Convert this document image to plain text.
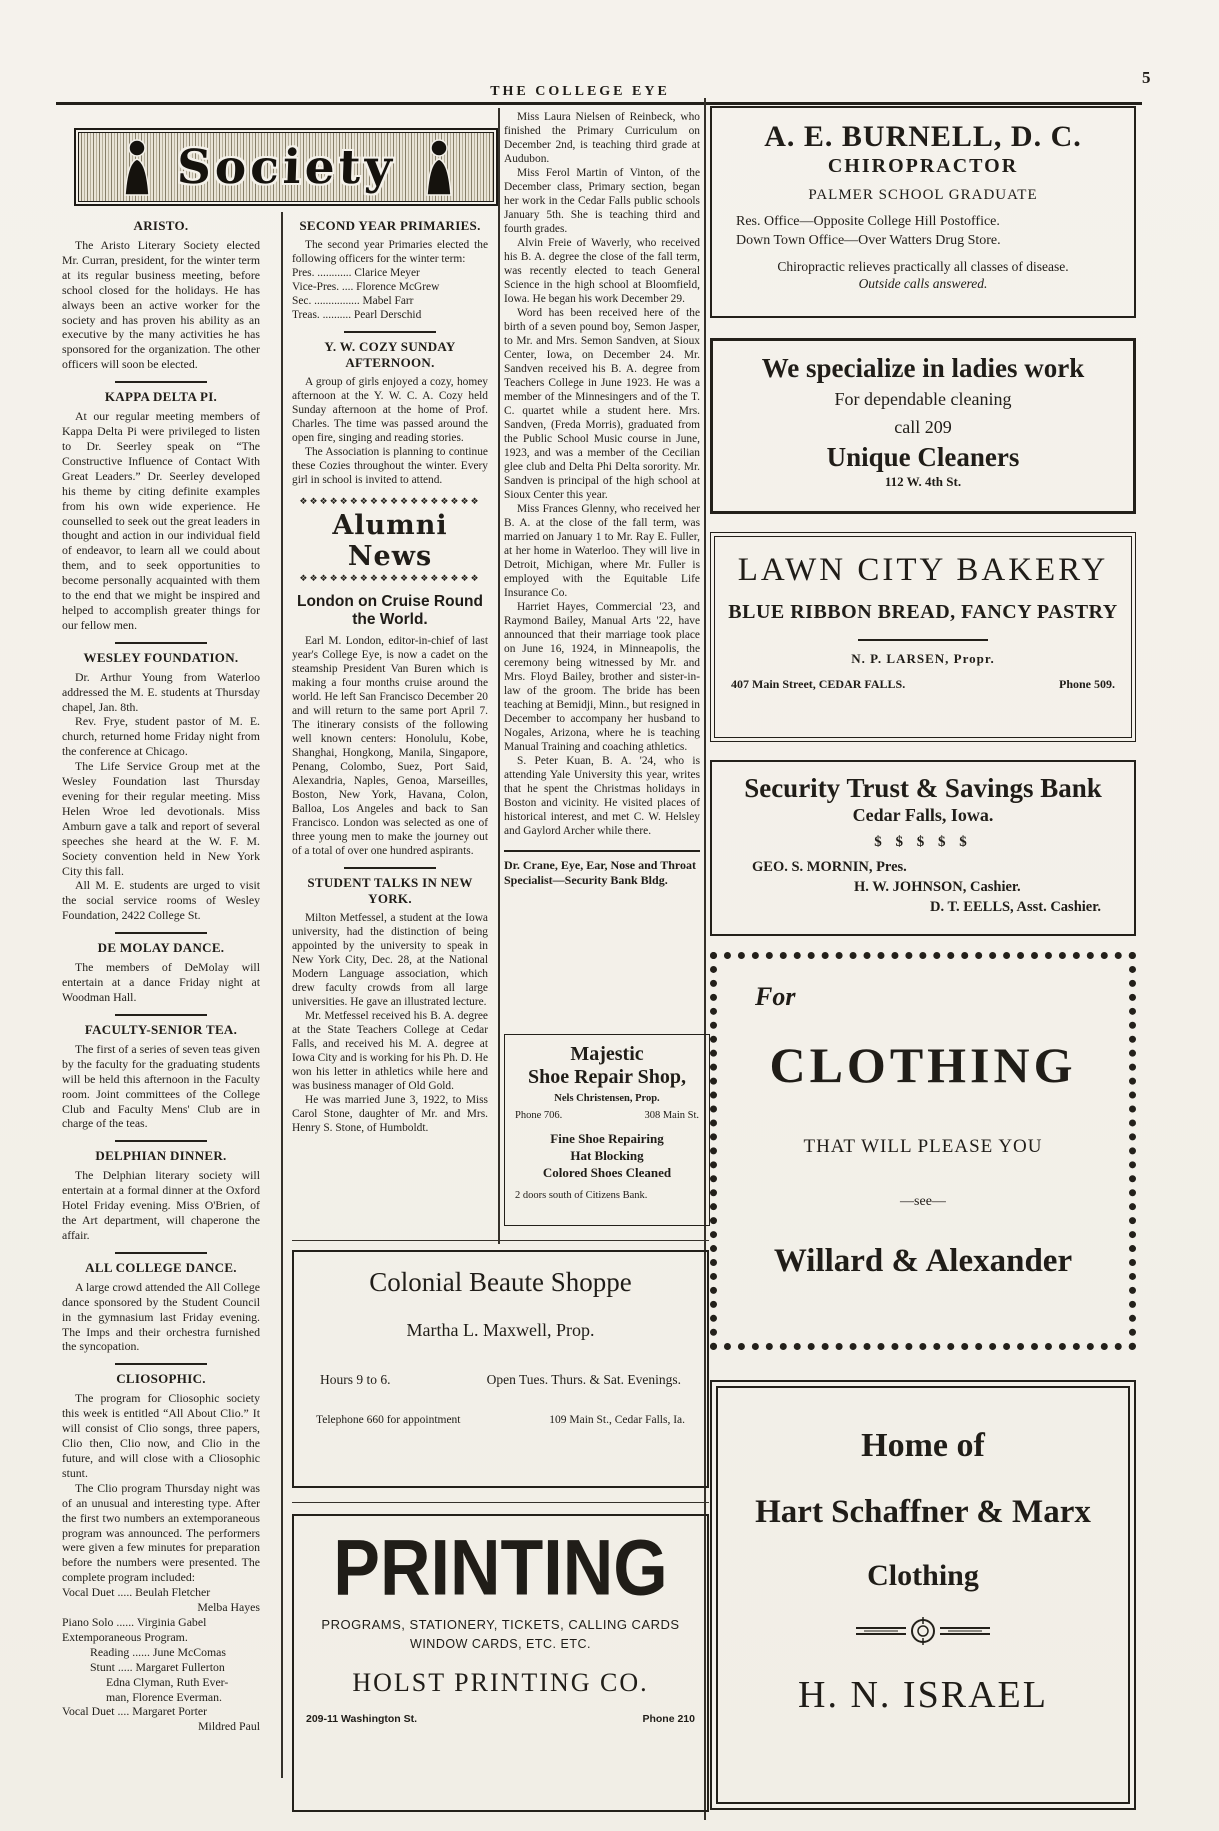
THE COLLEGE EYE
5
Society
ARISTO.

The Aristo Literary Society elected Mr. Curran, president, for the winter term at its regular business meeting, before school closed for the holidays. He has always been an active worker for the society and has proven his ability as an executive by the many activities he has sponsored for the organization. The other officers will soon be elected.

KAPPA DELTA PI.

At our regular meeting members of Kappa Delta Pi were privileged to listen to Dr. Seerley speak on “The Constructive Influence of Contact With Great Leaders.” Dr. Seerley developed his theme by citing definite examples from his own wide experience. He counselled to seek out the great leaders in thought and action in our individual field of endeavor, to learn all we could about them, and to seek opportunities to become personally acquainted with them to the end that we might be inspired and helped to accomplish greater things for our fellow men.

WESLEY FOUNDATION.

Dr. Arthur Young from Waterloo addressed the M. E. students at Thursday chapel, Jan. 8th.

Rev. Frye, student pastor of M. E. church, returned home Friday night from the conference at Chicago.

The Life Service Group met at the Wesley Foundation last Thursday evening for their regular meeting. Miss Helen Wroe led devotionals. Miss Amburn gave a talk and report of several speeches she heard at the W. F. M. Society convention held in New York City this fall.

All M. E. students are urged to visit the social service rooms of Wesley Foundation, 2422 College St.

DE MOLAY DANCE.

The members of DeMolay will entertain at a dance Friday night at Woodman Hall.

FACULTY-SENIOR TEA.

The first of a series of seven teas given by the faculty for the graduating students will be held this afternoon in the Faculty room. Joint committees of the College Club and Faculty Mens' Club are in charge of the teas.

DELPHIAN DINNER.

The Delphian literary society will entertain at a formal dinner at the Oxford Hotel Friday evening. Miss O'Brien, of the Art department, will chaperone the affair.

ALL COLLEGE DANCE.

A large crowd attended the All College dance sponsored by the Student Council in the gymnasium last Friday evening. The Imps and their orchestra furnished the syncopation.

CLIOSOPHIC.

The program for Cliosophic society this week is entitled “All About Clio.” It will consist of Clio songs, three papers, Clio then, Clio now, and Clio in the future, and will close with a Cliosophic stunt.

The Clio program Thursday night was of an unusual and interesting type. After the first two numbers an extemporaneous program was announced. The performers were given a few minutes for preparation before the numbers were presented. The complete program included:

Vocal Duet ..... Beulah Fletcher
Melba Hayes
Piano Solo ...... Virginia Gabel
Extemporaneous Program.
Reading ...... June McComas
Stunt ..... Margaret Fullerton
Edna Clyman, Ruth Ever-
man, Florence Everman.
Vocal Duet .... Margaret Porter
Mildred Paul
SECOND YEAR PRIMARIES.

The second year Primaries elected the following officers for the winter term:

Pres. ............ Clarice Meyer
Vice-Pres. .... Florence McGrew
Sec. ................ Mabel Farr
Treas. .......... Pearl Derschid
Y. W. COZY SUNDAY AFTERNOON.

A group of girls enjoyed a cozy, homey afternoon at the Y. W. C. A. Cozy held Sunday afternoon at the home of Prof. Charles. The time was passed around the open fire, singing and reading stories.

The Association is planning to continue these Cozies throughout the winter. Every girl in school is invited to attend.

❖❖❖❖❖❖❖❖❖❖❖❖❖❖❖❖❖❖
Alumni News
❖❖❖❖❖❖❖❖❖❖❖❖❖❖❖❖❖❖
London on Cruise Round the World.

Earl M. London, editor-in-chief of last year's College Eye, is now a cadet on the steamship President Van Buren which is making a four months cruise around the world. He left San Francisco December 20 and will return to the same port April 7. The itinerary consists of the following well known centers: Honolulu, Kobe, Shanghai, Hongkong, Manila, Singapore, Penang, Colombo, Suez, Port Said, Alexandria, Naples, Genoa, Marseilles, Boston, New York, Havana, Colon, Balloa, Los Angeles and back to San Francisco. London was selected as one of three young men to make the journey out of a total of over one hundred aspirants.

STUDENT TALKS IN NEW YORK.

Milton Metfessel, a student at the Iowa university, had the distinction of being appointed by the university to speak in New York City, Dec. 28, at the National Modern Language association, which drew faculty crowds from all large universities. He gave an illustrated lecture.

Mr. Metfessel received his B. A. degree at the State Teachers College at Cedar Falls, and received his M. A. degree at Iowa City and is working for his Ph. D. He won his letter in athletics while here and was business manager of Old Gold.

He was married June 3, 1922, to Miss Carol Stone, daughter of Mr. and Mrs. Henry S. Stone, of Humboldt.

Miss Laura Nielsen of Reinbeck, who finished the Primary Curriculum on December 2nd, is teaching third grade at Audubon.

Miss Ferol Martin of Vinton, of the December class, Primary section, began her work in the Cedar Falls public schools January 5th. She is teaching third and fourth grades.

Alvin Freie of Waverly, who received his B. A. degree the close of the fall term, was recently elected to teach General Science in the high school at Bloomfield, Iowa. He began his work December 29.

Word has been received here of the birth of a seven pound boy, Semon Jasper, to Mr. and Mrs. Semon Sandven, at Sioux Center, Iowa, on December 24. Mr. Sandven received his B. A. degree from Teachers College in June 1923. He was a member of the Minnesingers and of the T. C. quartet while a student here. Mrs. Sandven, (Freda Morris), graduated from the Public School Music course in June, 1923, and was a member of the Cecilian glee club and Delta Phi Delta sorority. Mr. Sandven is principal of the high school at Sioux Center this year.

Miss Frances Glenny, who received her B. A. at the close of the fall term, was married on January 1 to Mr. Ray E. Fuller, at her home in Waterloo. They will live in Detroit, Michigan, where Mr. Fuller is employed with the Equitable Life Insurance Co.

Harriet Hayes, Commercial '23, and Raymond Bailey, Manual Arts '22, have announced that their marriage took place on June 16, 1924, in Minneapolis, the ceremony being witnessed by Mr. and Mrs. Floyd Bailey, brother and sister-in-law of the groom. The bride has been teaching at Bemidji, Minn., but resigned in December to accompany her husband to Nogales, Arizona, where he is teaching Manual Training and coaching athletics.

S. Peter Kuan, B. A. '24, who is attending Yale University this year, writes that he spent the Christmas holidays in Boston and vicinity. He visited places of historical interest, and met C. W. Helsley and Gaylord Archer while there.

Dr. Crane, Eye, Ear, Nose and Throat Specialist—Security Bank Bldg.

Majestic
Shoe Repair Shop,
Nels Christensen, Prop.
Phone 706.	308 Main St.
Fine Shoe Repairing
Hat Blocking
Colored Shoes Cleaned
2 doors south of Citizens Bank.
Colonial Beaute Shoppe
Martha L. Maxwell, Prop.
Hours 9 to 6.	Open Tues. Thurs. & Sat. Evenings.
Telephone 660 for appointment	109 Main St., Cedar Falls, Ia.
PRINTING
PROGRAMS, STATIONERY, TICKETS, CALLING CARDS
WINDOW CARDS, ETC. ETC.
HOLST PRINTING CO.
209-11 Washington St.	Phone 210
A. E. BURNELL, D. C.
CHIROPRACTOR
PALMER SCHOOL GRADUATE
Res. Office—Opposite College Hill Postoffice.
Down Town Office—Over Watters Drug Store.
Chiropractic relieves practically all classes of disease.
Outside calls answered.
We specialize in ladies work
For dependable cleaning
call 209
Unique Cleaners
112 W. 4th St.
LAWN CITY BAKERY
BLUE RIBBON BREAD, FANCY PASTRY
N. P. LARSEN, Propr.
407 Main Street, CEDAR FALLS.	Phone 509.
Security Trust & Savings Bank
Cedar Falls, Iowa.
$ $ $ $ $
GEO. S. MORNIN, Pres.
H. W. JOHNSON, Cashier.
D. T. EELLS, Asst. Cashier.
For
CLOTHING
THAT WILL PLEASE YOU
—see—
Willard & Alexander
Home of
Hart Schaffner & Marx
Clothing
H. N. ISRAEL
